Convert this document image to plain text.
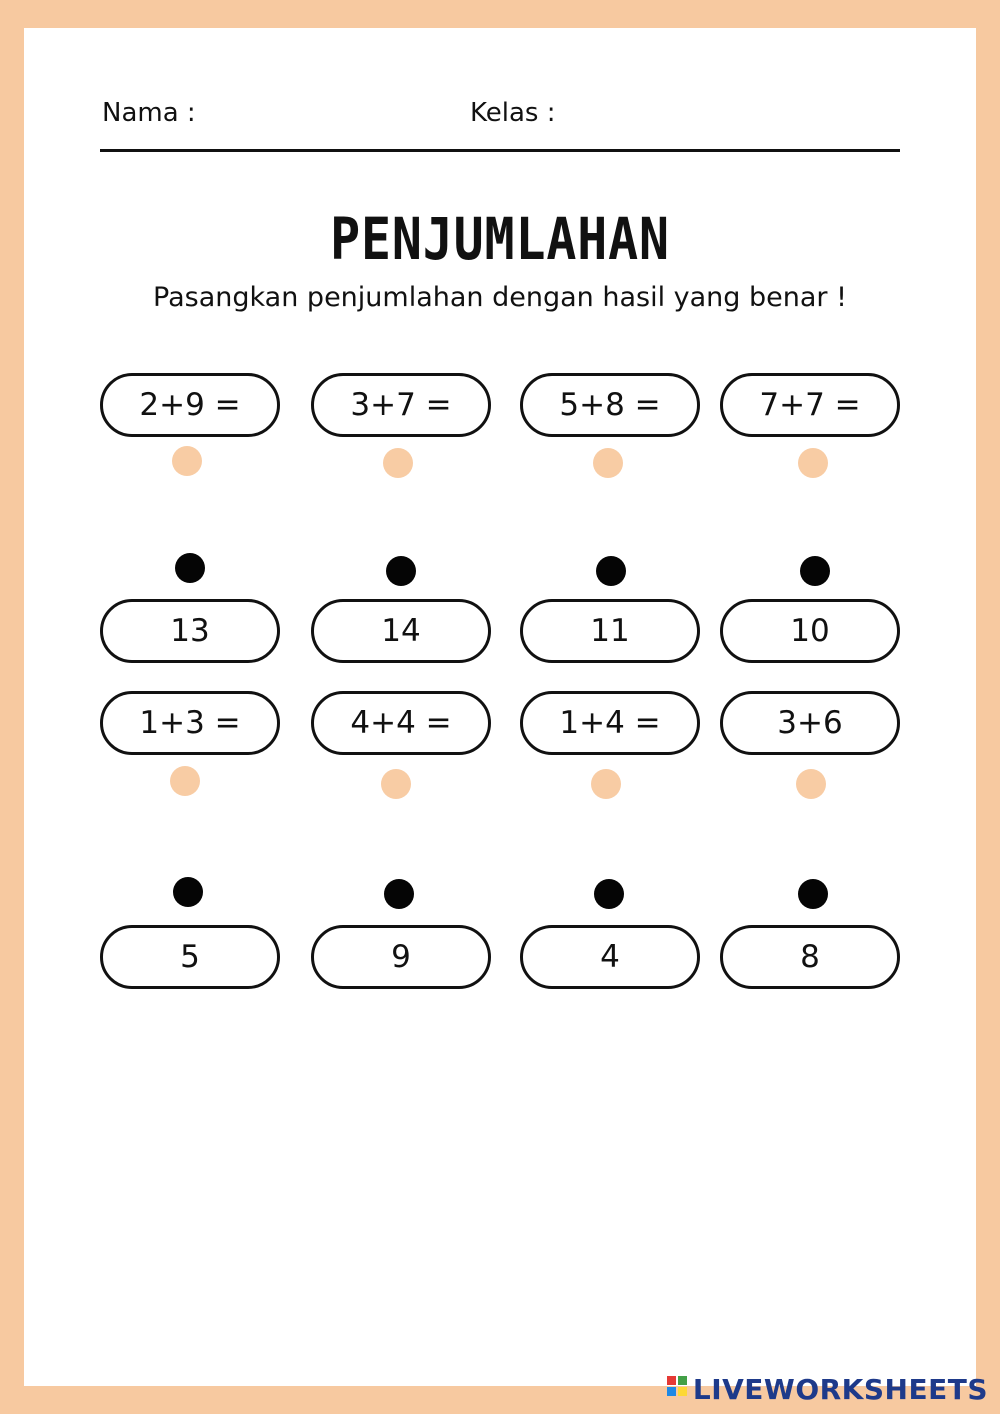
Nama :	Kelas :
PENJUMLAHAN
Pasangkan penjumlahan dengan hasil yang benar !
2+9 =	3+7 =	5+8 =	7+7 =
13	14	11	10
1+3 =	4+4 =	1+4 =	3+6
5	9	4	8
LIVEWORKSHEETS
